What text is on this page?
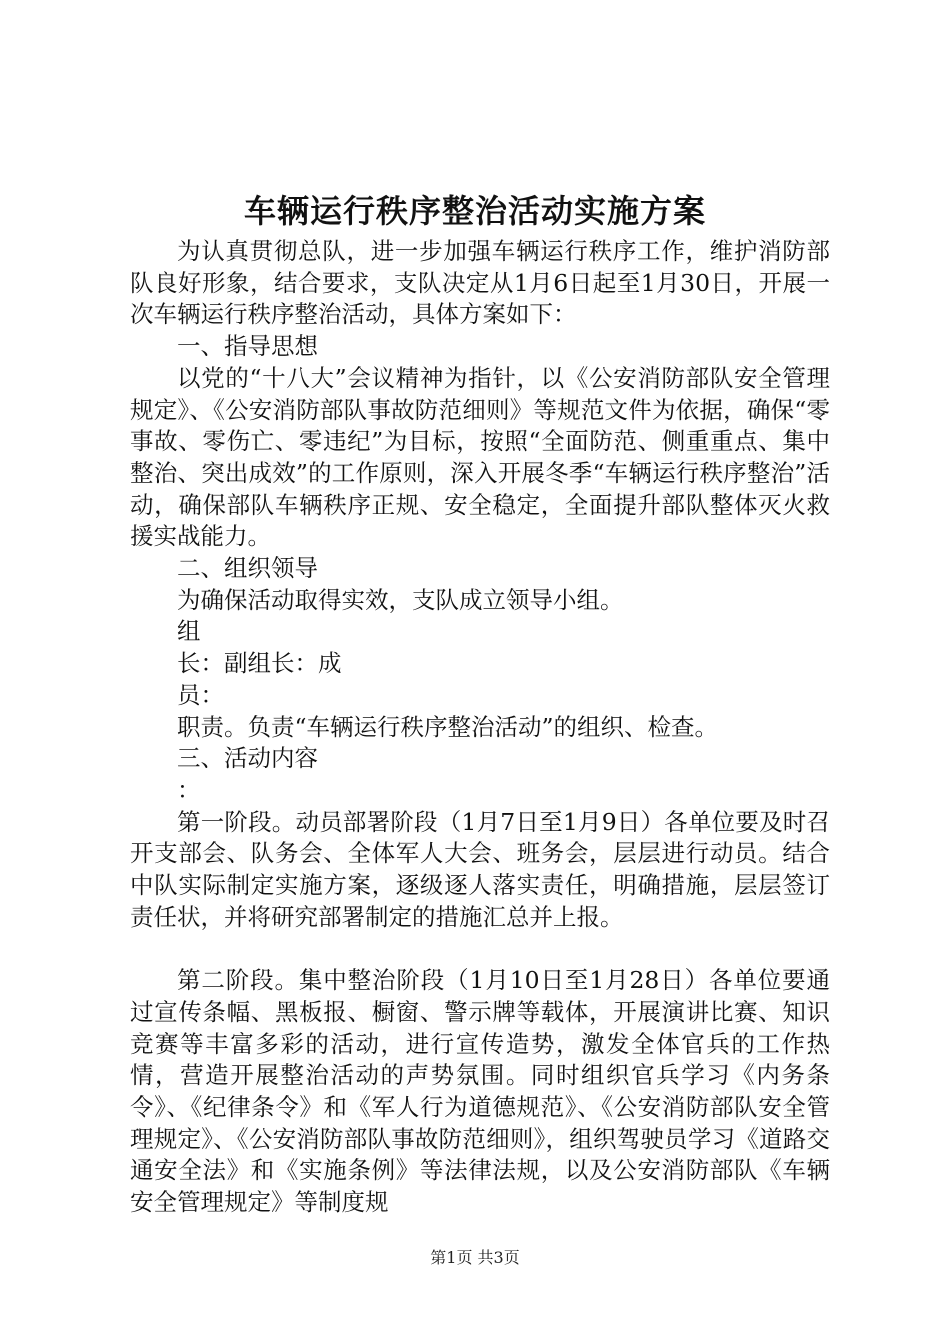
车辆运行秩序整治活动实施方案

为认真贯彻总队，进一步加强车辆运行秩序工作，维护消防部队良好形象，结合要求，支队决定从1月6日起至1月30日，开展一次车辆运行秩序整治活动，具体方案如下：

一、指导思想

以党的“十八大”会议精神为指针，以《公安消防部队安全管理规定》、《公安消防部队事故防范细则》等规范文件为依据，确保“零事故、零伤亡、零违纪”为目标，按照“全面防范、侧重重点、集中整治、突出成效”的工作原则，深入开展冬季“车辆运行秩序整治”活动，确保部队车辆秩序正规、安全稳定，全面提升部队整体灭火救援实战能力。

二、组织领导

为确保活动取得实效，支队成立领导小组。

组

长：副组长：成

员：

职责。负责“车辆运行秩序整治活动”的组织、检查。

三、活动内容

：

第一阶段。动员部署阶段（1月7日至1月9日）各单位要及时召开支部会、队务会、全体军人大会、班务会，层层进行动员。结合中队实际制定实施方案，逐级逐人落实责任，明确措施，层层签订责任状，并将研究部署制定的措施汇总并上报。

第二阶段。集中整治阶段（1月10日至1月28日）各单位要通过宣传条幅、黑板报、橱窗、警示牌等载体，开展演讲比赛、知识竞赛等丰富多彩的活动，进行宣传造势，激发全体官兵的工作热情，营造开展整治活动的声势氛围。同时组织官兵学习《内务条令》、《纪律条令》和《军人行为道德规范》、《公安消防部队安全管理规定》、《公安消防部队事故防范细则》，组织驾驶员学习《道路交通安全法》和《实施条例》等法律法规，以及公安消防部队《车辆安全管理规定》等制度规

第1页 共3页
